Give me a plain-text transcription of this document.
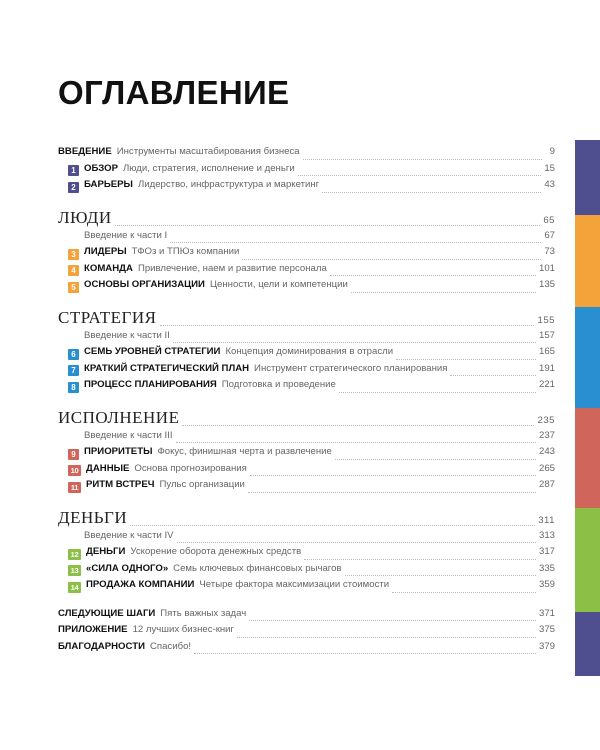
ОГЛАВЛЕНИЕ
ВВЕДЕНИЕ Инструменты масштабирования бизнеса	9
1 ОБЗОР Люди, стратегия, исполнение и деньги	15
2 БАРЬЕРЫ Лидерство, инфраструктура и маркетинг	43
ЛЮДИ	65
Введение к части I	67
3 ЛИДЕРЫ ТФОз и ТПЮз компании	73
4 КОМАНДА Привлечение, наем и развитие персонала	101
5 ОСНОВЫ ОРГАНИЗАЦИИ Ценности, цели и компетенции	135
СТРАТЕГИЯ	155
Введение к части II	157
6 СЕМЬ УРОВНЕЙ СТРАТЕГИИ Концепция доминирования в отрасли	165
7 КРАТКИЙ СТРАТЕГИЧЕСКИЙ ПЛАН Инструмент стратегического планирования	191
8 ПРОЦЕСС ПЛАНИРОВАНИЯ Подготовка и проведение	221
ИСПОЛНЕНИЕ	235
Введение к части III	237
9 ПРИОРИТЕТЫ Фокус, финишная черта и развлечение	243
10 ДАННЫЕ Основа прогнозирования	265
11 РИТМ ВСТРЕЧ Пульс организации	287
ДЕНЬГИ	311
Введение к части IV	313
12 ДЕНЬГИ Ускорение оборота денежных средств	317
13 «СИЛА ОДНОГО» Семь ключевых финансовых рычагов	335
14 ПРОДАЖА КОМПАНИИ Четыре фактора максимизации стоимости	359
СЛЕДУЮЩИЕ ШАГИ Пять важных задач	371
ПРИЛОЖЕНИЕ 12 лучших бизнес-книг	375
БЛАГОДАРНОСТИ Спасибо!	379
